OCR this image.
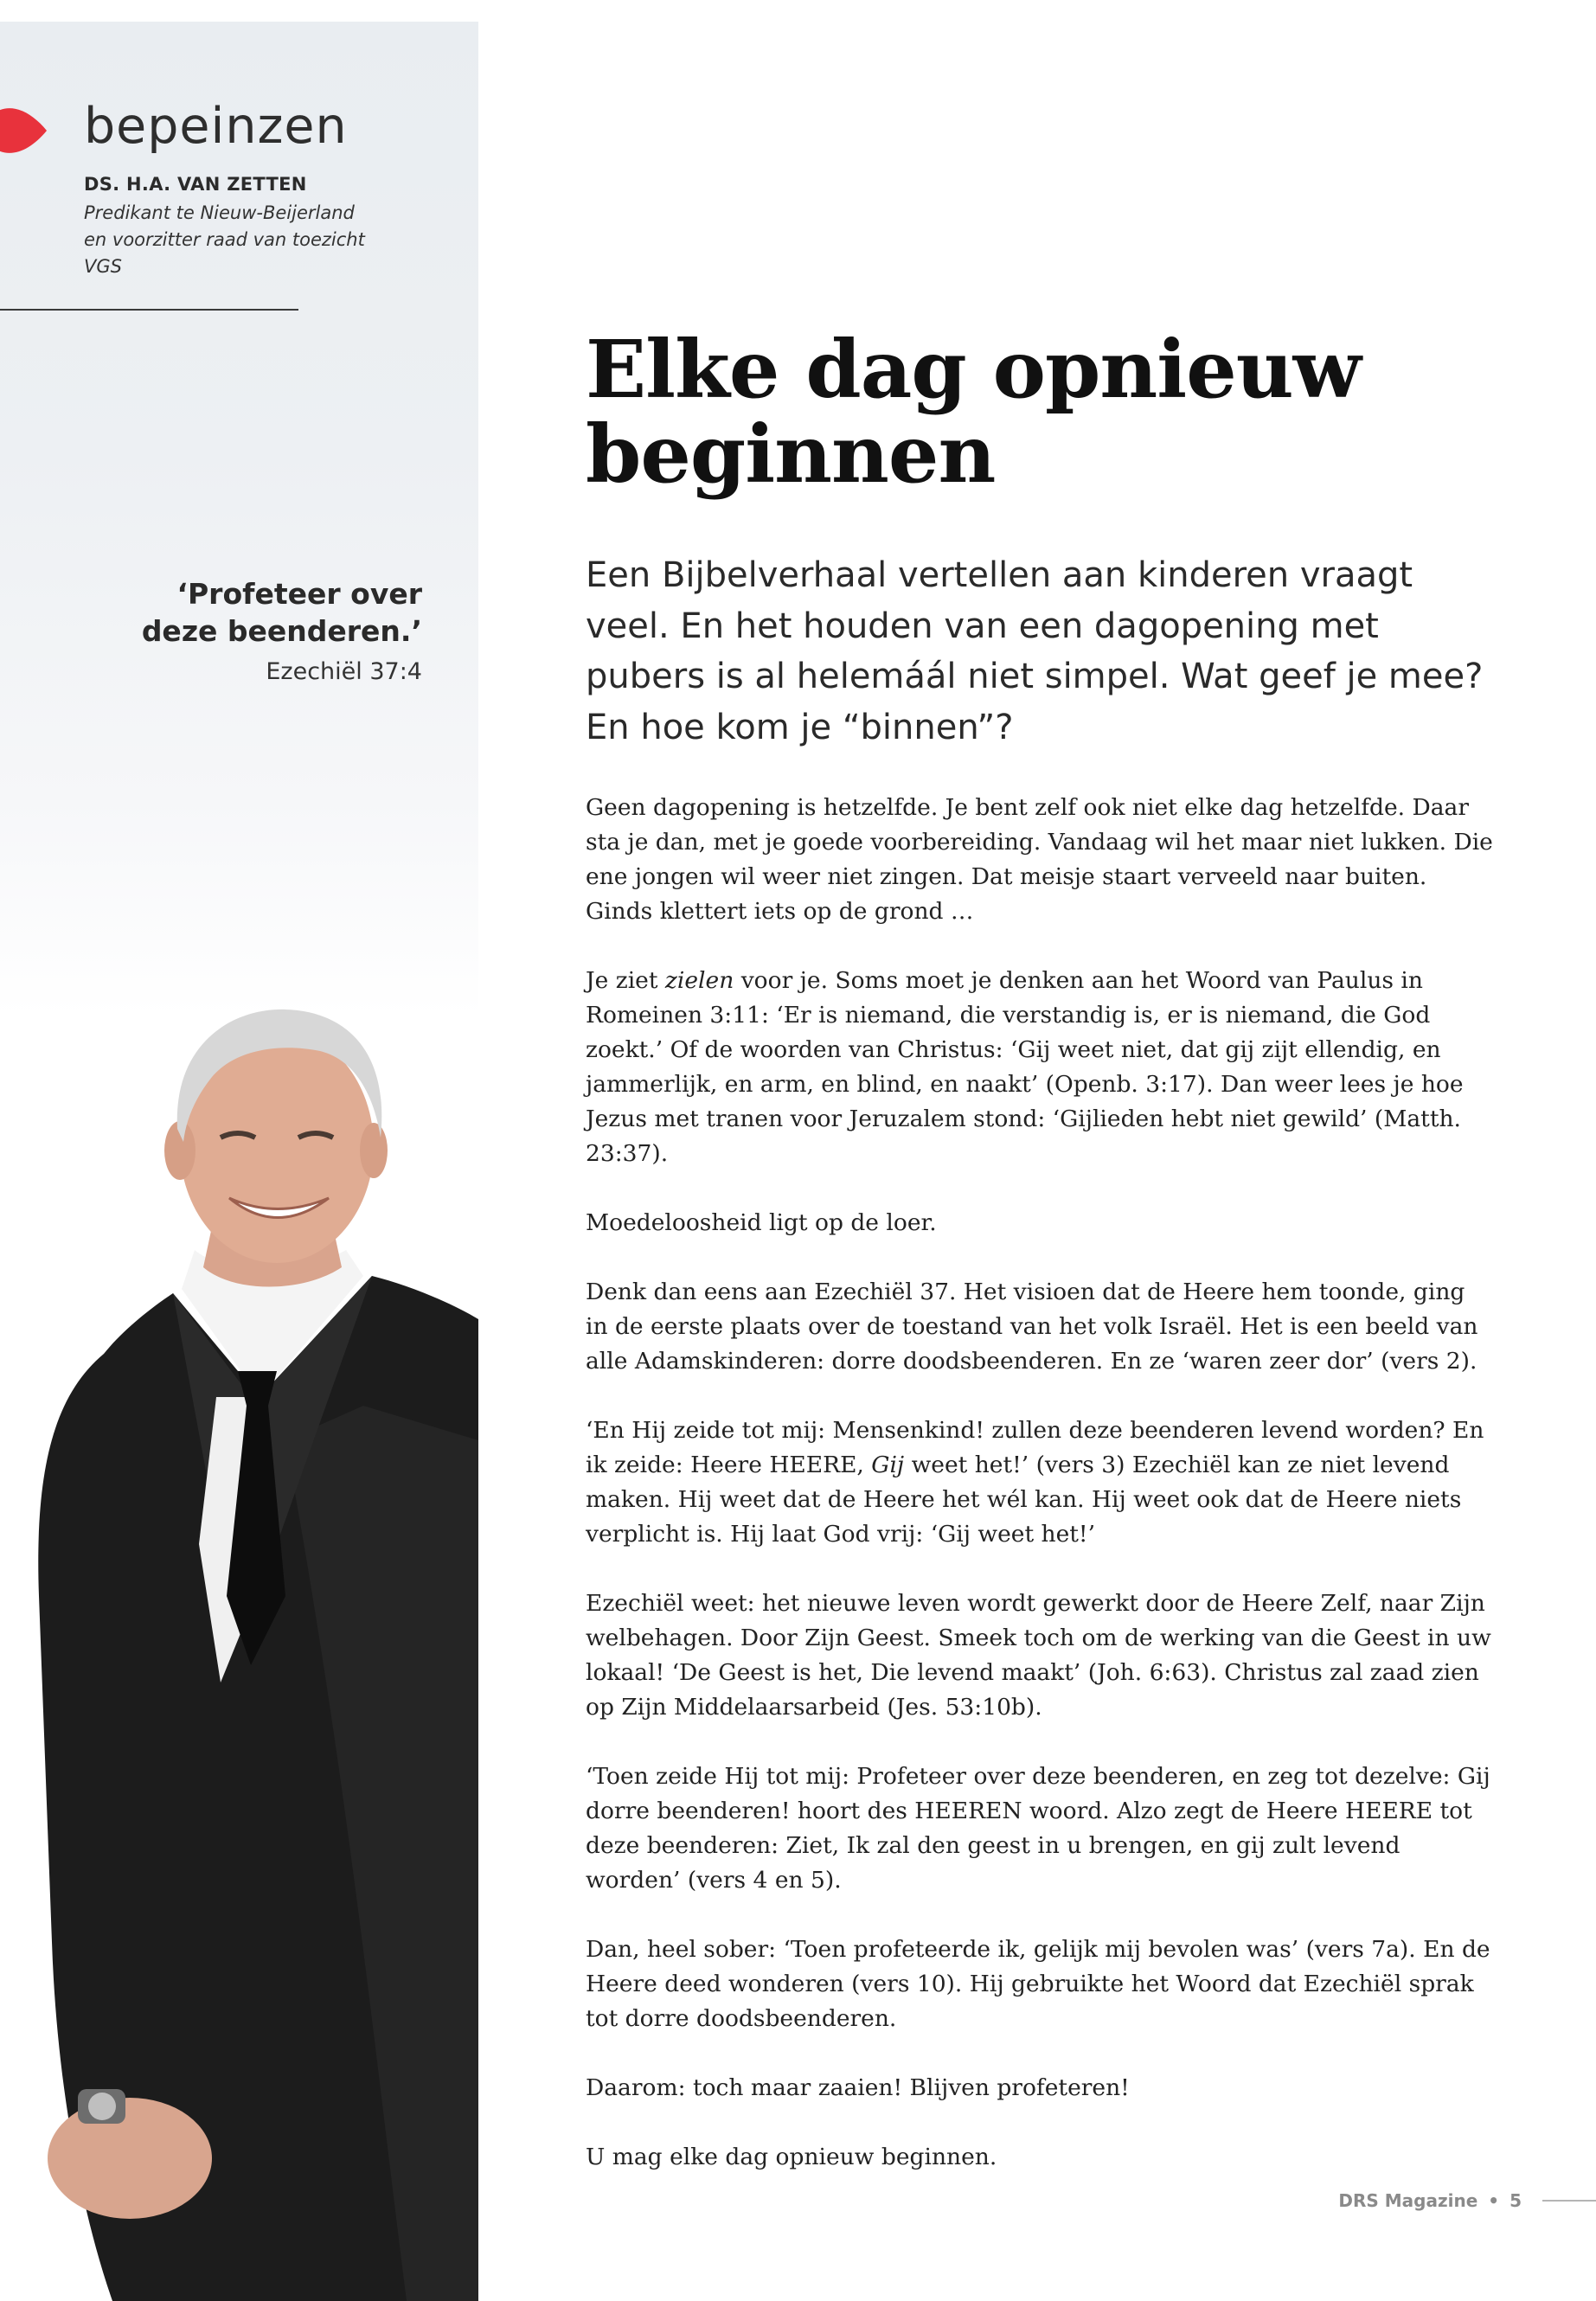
bepeinzen

DS. H.A. VAN ZETTEN

Predikant te Nieuw-Beijerland
en voorzitter raad van toezicht
VGS

‘Profeteer over
deze beenderen.’

Ezechiël 37:4
Elke dag opnieuw
beginnen

Een Bijbelverhaal vertellen aan kinderen vraagt veel. En het houden van een dagopening met pubers is al helemáál niet simpel. Wat geef je mee? En hoe kom je “binnen”?

Geen dagopening is hetzelfde. Je bent zelf ook niet elke dag hetzelfde. Daar sta je dan, met je goede voorbereiding. Vandaag wil het maar niet lukken. Die ene jongen wil weer niet zingen. Dat meisje staart verveeld naar buiten. Ginds klettert iets op de grond …

Je ziet zielen voor je. Soms moet je denken aan het Woord van Paulus in Romeinen 3:11: ‘Er is niemand, die verstandig is, er is niemand, die God zoekt.’ Of de woorden van Christus: ‘Gij weet niet, dat gij zijt ellendig, en jammerlijk, en arm, en blind, en naakt’ (Openb. 3:17). Dan weer lees je hoe Jezus met tranen voor Jeruzalem stond: ‘Gijlieden hebt niet gewild’ (Matth. 23:37).

Moedeloosheid ligt op de loer.

Denk dan eens aan Ezechiël 37. Het visioen dat de Heere hem toonde, ging in de eerste plaats over de toestand van het volk Israël. Het is een beeld van alle Adamskinderen: dorre doodsbeenderen. En ze ‘waren zeer dor’ (vers 2).

‘En Hij zeide tot mij: Mensenkind! zullen deze beenderen levend worden? En ik zeide: Heere HEERE, Gij weet het!’ (vers 3) Ezechiël kan ze niet levend maken. Hij weet dat de Heere het wél kan. Hij weet ook dat de Heere niets verplicht is. Hij laat God vrij: ‘Gij weet het!’

Ezechiël weet: het nieuwe leven wordt gewerkt door de Heere Zelf, naar Zijn welbehagen. Door Zijn Geest. Smeek toch om de werking van die Geest in uw lokaal! ‘De Geest is het, Die levend maakt’ (Joh. 6:63). Christus zal zaad zien op Zijn Middelaarsarbeid (Jes. 53:10b).

‘Toen zeide Hij tot mij: Profeteer over deze beenderen, en zeg tot dezelve: Gij dorre beenderen! hoort des HEEREN woord. Alzo zegt de Heere HEERE tot deze beenderen: Ziet, Ik zal den geest in u brengen, en gij zult levend worden’ (vers 4 en 5).

Dan, heel sober: ‘Toen profeteerde ik, gelijk mij bevolen was’ (vers 7a). En de Heere deed wonderen (vers 10). Hij gebruikte het Woord dat Ezechiël sprak tot dorre doodsbeenderen.

Daarom: toch maar zaaien! Blijven profeteren!

U mag elke dag opnieuw beginnen.

DRS Magazine • 5
